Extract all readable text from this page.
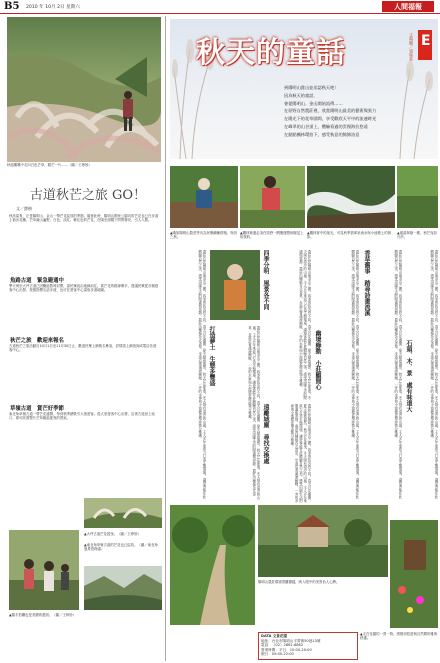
B5 2010 年 10月 2日 星期六	人間福報
秋風颯颯中走向白色芒草，銀芒一片……（圖／王珍妙）
古道秋芒之旅 GO！
文／鄧楨
秋高氣爽，正是陽明山、金山一帶芒花綻放的季節。隨著此時，陽明山國家公園內的芒花也已在步道上抽出花穗，芒草滿山遍野，白色、淡紅、紫紅色的芒花，在陽光照耀下閃閃發亮，引人入勝。
魚路古道　緊急避通中
擎天崗至大坪古道已因颱風暫時封閉，請民眾改由他線前往。賞芒花的路線眾多，建議民眾從各個遊客中心出發，按照指標走訪步道，也可在遊客中心索取步道地圖。
秋芒之旅　歡迎來報名
古道秋芒之旅活動自10月1日至11月30日止，歡迎民眾上網報名參加，詳情請上網查詢或電洽各遊客中心。
草嶺古道　賞芒好季節
東北角草嶺古道一帶芒花盛開，每到秋季總吸引大批遊客。從大里遊客中心出發，沿著古道登上埡口，即可欣賞整片芒草隨風搖曳的景致。
▲大坪古道芒花搖曳。（圖／王珍妙）
▲東北角草嶺古道的芒花也已綻放。（圖／東北角風景管理處）
▲隨手拍攝也是美麗的畫面。（圖／王珍妙）
秋天的童話	文與圖／張瑞棠 E
到陽明山賞山並非認秋天吧！
因為秋天的童話，
會從陽明山、金山開始流傳……
在原野自然農莊裡，欣賞陽明山最美的藝術與張力
在陽光下的花草園間，享受歡欣天平中的流連時光
在峰翠的山谷頂上，體驗看過的雲慢海拉悠遠
在點點楓林環拍下，感受秋意的綿綿詩意
▲喚如陽明山農莊等內為民眾翻種情植，與田之秋。
▲楓林裡還必須在原野一隅搬運整個採盆上的採收。
▲楓林著中的風光，可見秋季翡翠泉流水與小池塘上的倒影。
▲邊遠翠綠一層，秋芒宛如白紗。
農莊位於陽明山與金山之間，四季景色各有不同。春天百花盛開，夏天綠意盎然，秋天芒花搖曳，冬天則有清冷的山嵐。主人多年來致力打造生態環境，讓遊客能在此體驗自然之美，感受田園生活的閒適與寧靜。農莊內種植各式香草，步道沿著溪流蜿蜒，一旁的水車與小池塘更增添幾分雅趣。	打造夢土　生態多豐盛	農莊位於陽明山與金山之間，四季景色各有不同。春天百花盛開，夏天綠意盎然，秋天芒花搖曳，冬天則有清冷的山嵐。主人多年來致力打造生態環境，讓遊客能在此體驗自然之美，感受田園生活的閒適與寧靜。農莊內種植各式香草，步道沿著溪流蜿蜒，一旁的水車與小池塘更增添幾分雅趣。
四季分明　風景各不同	農莊位於陽明山與金山之間，四季景色各有不同。春天百花盛開，夏天綠意盎然，秋天芒花搖曳，冬天則有清冷的山嵐。主人多年來致力打造生態環境，讓遊客能在此體驗自然之美，感受田園生活的閒適與寧靜。農莊內種植各式香草，步道沿著溪流蜿蜒，一旁的水車與小池塘更增添幾分雅趣。
遠離城塵　尋找交換處	農莊位於陽明山與金山之間，四季景色各有不同。春天百花盛開，夏天綠意盎然，秋天芒花搖曳，冬天則有清冷的山嵐。主人多年來致力打造生態環境，讓遊客能在此體驗自然之美，感受田園生活的閒適與寧靜。農莊內種植各式香草，步道沿著溪流蜿蜒，一旁的水車與小池塘更增添幾分雅趣。
幽境綠動　小莊顯閒心	農莊位於陽明山與金山之間，四季景色各有不同。春天百花盛開，夏天綠意盎然，秋天芒花搖曳，冬天則有清冷的山嵐。主人多年來致力打造生態環境，讓遊客能在此體驗自然之美，感受田園生活的閒適與寧靜。農莊內種植各式香草，步道沿著溪流蜿蜒，一旁的水車與小池塘更增添幾分雅趣。	香草舊事　踏尋詩畫流溪	農莊位於陽明山與金山之間，四季景色各有不同。春天百花盛開，夏天綠意盎然，秋天芒花搖曳，冬天則有清冷的山嵐。主人多年來致力打造生態環境，讓遊客能在此體驗自然之美，感受田園生活的閒適與寧靜。農莊內種植各式香草，步道沿著溪流蜿蜒，一旁的水車與小池塘更增添幾分雅趣。	石頭、木、景　處有味道大	農莊位於陽明山與金山之間，四季景色各有不同。春天百花盛開，夏天綠意盎然，秋天芒花搖曳，冬天則有清冷的山嵐。主人多年來致力打造生態環境，讓遊客能在此體驗自然之美，感受田園生活的閒適與寧靜。農莊內種植各式香草，步道沿著溪流蜿蜒，一旁的水車與小池塘更增添幾分雅趣。
陽明山農莊環境景觀優越，映入眼中的美景怡人心脾。
▲走在花園的一景一物，感覺到悠遊與自然間的雅與舒適。
DATA 文景花園
地址：台北市陽明山平菁街50巷13號
電話：（02）2861-8862
營業時間：平日：10:00-20:00
假日：09:00-22:00
